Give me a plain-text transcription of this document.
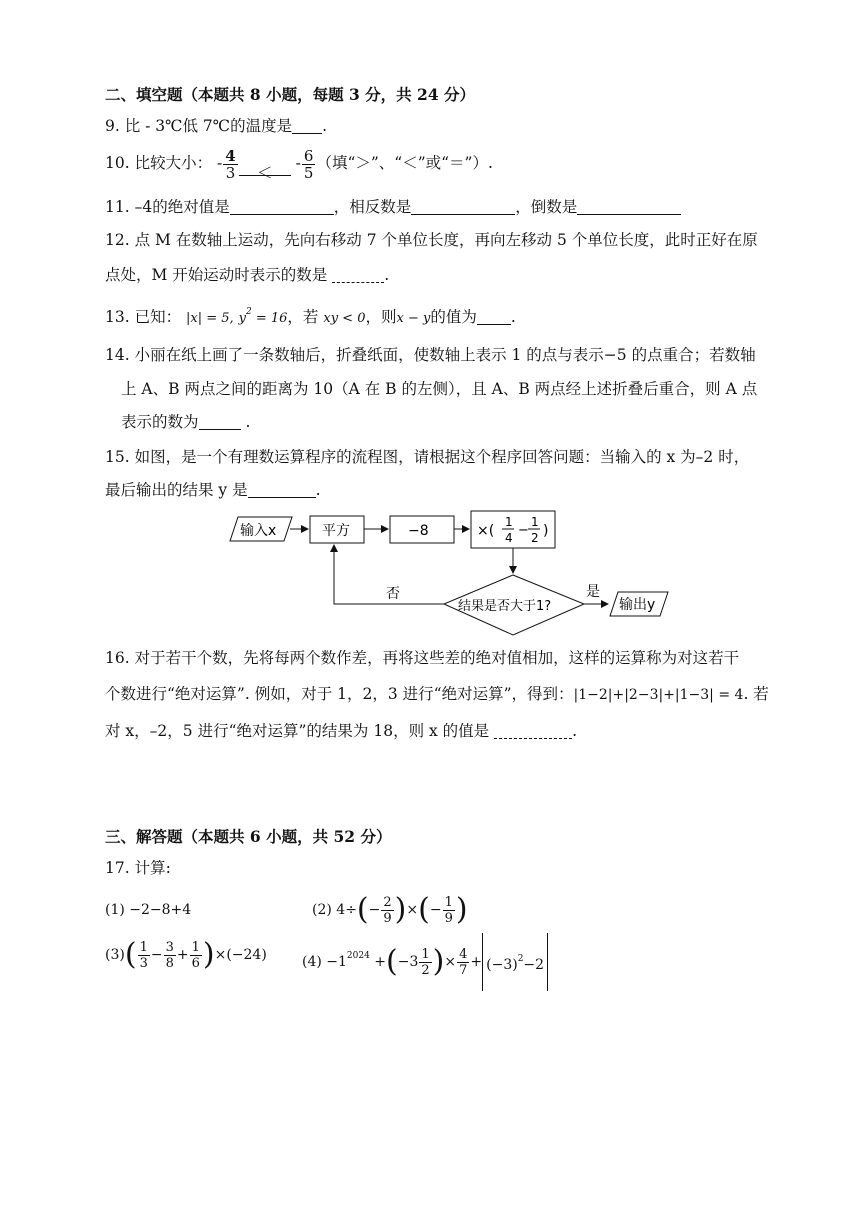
二、填空题（本题共 8 小题，每题 3 分，共 24 分）
9. 比 - 3℃低 7℃的温度是 .
10. 比较大小： - $\frac{4}{3}$ ＜ - $\frac{6}{5}$ （填“＞”、“＜”或“＝”）.
11. –4的绝对值是	，相反数是	，倒数是
12. 点 M 在数轴上运动，先向右移动 7 个单位长度，再向左移动 5 个单位长度，此时正好在原
点处，M 开始运动时表示的数是	.
13. 已知： |x| = 5, $y^2 = 16$，若 xy < 0，则x − y的值为 .
14. 小丽在纸上画了一条数轴后，折叠纸面，使数轴上表示 1 的点与表示−5 的点重合；若数轴
上 A、B 两点之间的距离为 10（A 在 B 的左侧），且 A、B 两点经上述折叠后重合，则 A 点
表示的数为	.
15. 如图，是一个有理数运算程序的流程图，请根据这个程序回答问题：当输入的 x 为–2 时，
最后输出的结果 y 是	.
输入x	平方	−8	×(
1
4 −
1
2 )
结果是否大于1?
否	是
输出y
16. 对于若干个数，先将每两个数作差，再将这些差的绝对值相加，这样的运算称为对这若干
个数进行“绝对运算”. 例如，对于 1，2，3 进行“绝对运算”，得到：|1−2|+|2−3|+|1−3| = 4. 若
对 x，–2，5 进行“绝对运算”的结果为 18，则 x 的值是	.
三、解答题（本题共 6 小题，共 52 分）
17. 计算:
(1) −2−8+4	(2) $4\div(- \frac{2}{9}$ )×(− $\frac{1}{9}$ )
$(3)( \frac{1}{3} - \frac{3}{8} + \frac{1}{6} )\times(-24)$	$(4) -1^{2024} +(-3 \frac{1}{2}$ )× $\frac{4}{7} + (-3)^2-2$
